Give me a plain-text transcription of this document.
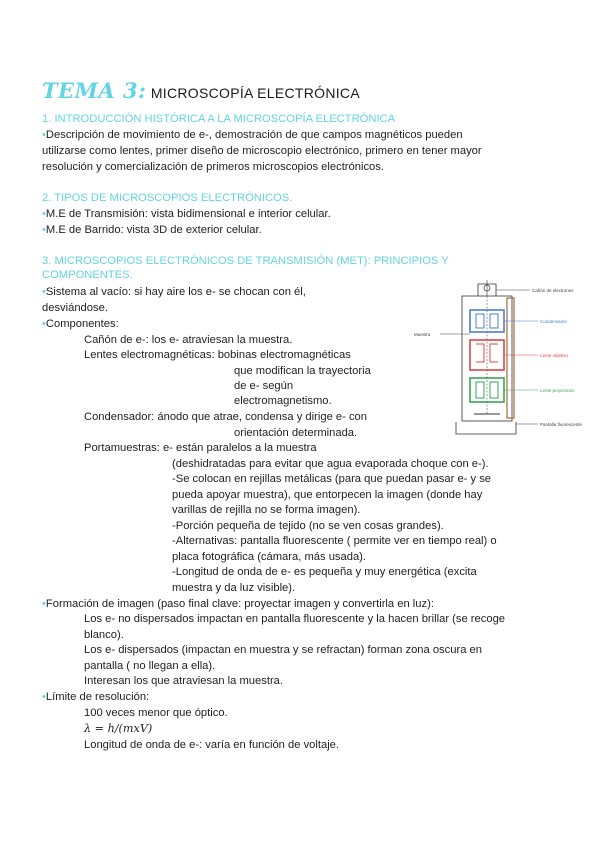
TEMA 3: MICROSCOPÍA ELECTRÓNICA
1. INTRODUCCIÓN HISTÓRICA A LA MICROSCOPÍA ELECTRÓNICA
•Descripción de movimiento de e-, demostración de que campos magnéticos pueden
utilizarse como lentes, primer diseño de microscopio electrónico, primero en tener mayor
resolución y comercialización de primeros microscopios electrónicos.
2. TIPOS DE MICROSCOPIOS ELECTRÓNICOS.
•M.E de Transmisión: vista bidimensional e interior celular.
•M.E de Barrido: vista 3D de exterior celular.
3. MICROSCOPIOS ELECTRÓNICOS DE TRANSMISIÓN (MET): PRINCIPIOS Y
COMPONENTES.
•Sistema al vacío: si hay aire los e- se chocan con él,
desviándose.
•Componentes:
Cañón de e-: los e- atraviesan la muestra.
Lentes electromagnéticas: bobinas electromagnéticas
que modifican la trayectoria
de e- según
electromagnetismo.
Condensador: ánodo que atrae, condensa y dirige e- con
orientación determinada.
Portamuestras: e- están paralelos a la muestra
(deshidratadas para evitar que agua evaporada choque con e-).
-Se colocan en rejillas metálicas (para que puedan pasar e- y se
pueda apoyar muestra), que entorpecen la imagen (donde hay
varillas de rejilla no se forma imagen).
-Porción pequeña de tejido (no se ven cosas grandes).
-Alternativas: pantalla fluorescente ( permite ver en tiempo real) o
placa fotográfica (cámara, más usada).
-Longitud de onda de e- es pequeña y muy energética (excita
muestra y da luz visible).
•Formación de imagen (paso final clave: proyectar imagen y convertirla en luz):
Los e- no dispersados impactan en pantalla fluorescente y la hacen brillar (se recoge
blanco).
Los e- dispersados (impactan en muestra y se refractan) forman zona oscura en
pantalla ( no llegan a ella).
Interesan los que atraviesan la muestra.
•Límite de resolución:
100 veces menor que óptico.
λ = h/(mxV)
Longitud de onda de e-: varía en función de voltaje.
Cañón de electrones
Muestra
Condensador
Lente objetivo
Lente proyectora
Pantalla fluorescente
